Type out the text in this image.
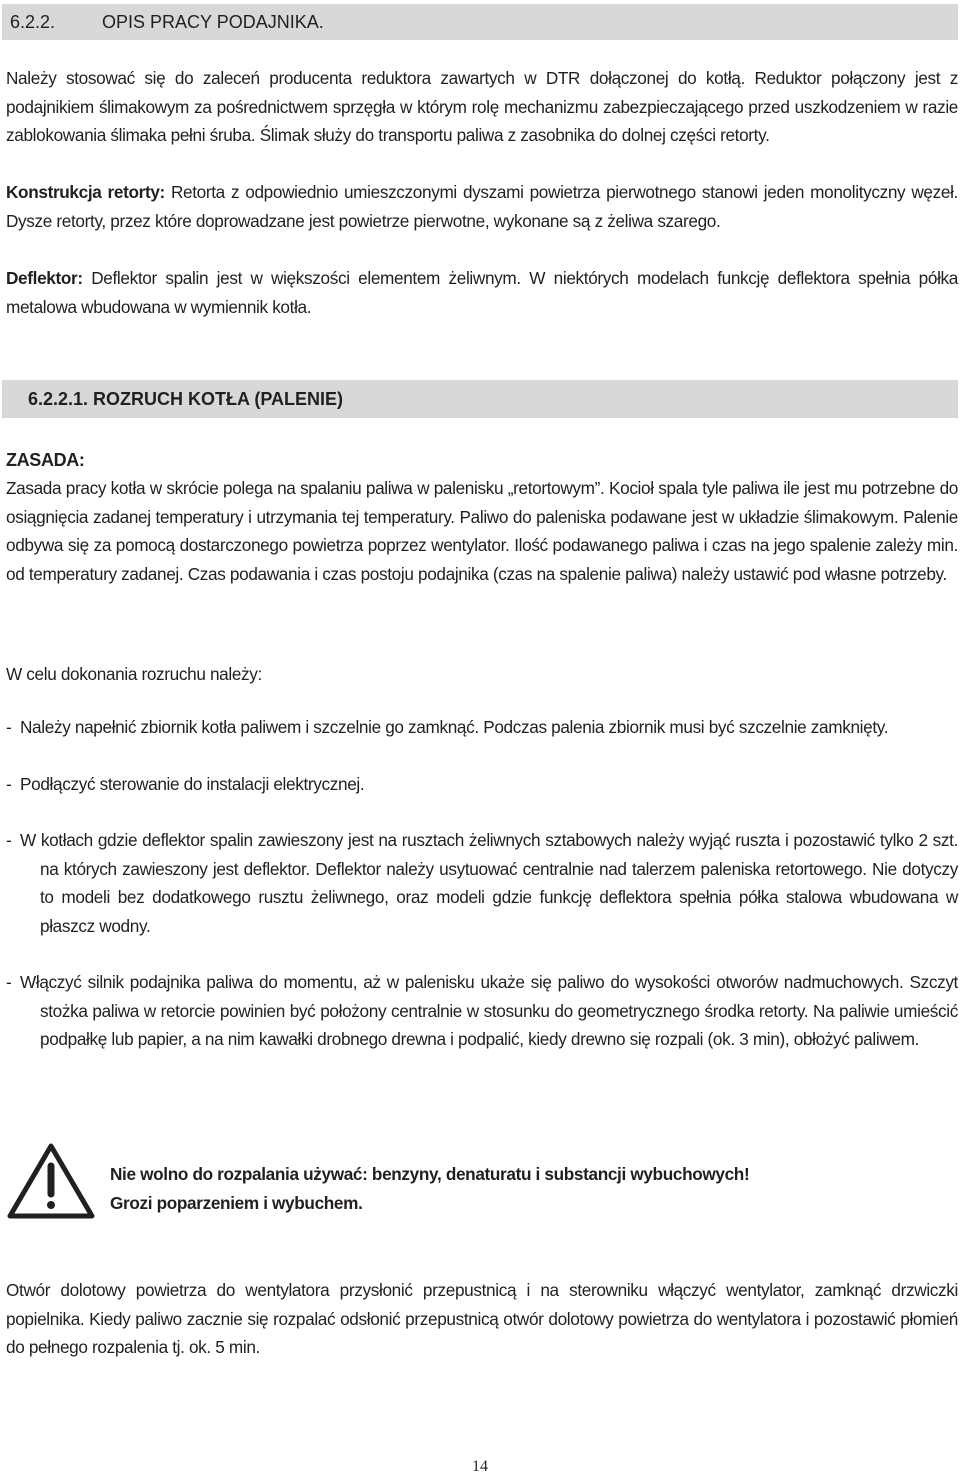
6.2.2.	OPIS PRACY PODAJNIKA.
Należy stosować się do zaleceń producenta reduktora zawartych w DTR dołączonej do kotłą. Reduktor połączony jest z podajnikiem ślimakowym za pośrednictwem sprzęgła w którym rolę mechanizmu zabezpieczającego przed uszkodzeniem w razie zablokowania ślimaka pełni śruba. Ślimak służy do transportu paliwa z zasobnika do dolnej części retorty.
Konstrukcja retorty: Retorta z odpowiednio umieszczonymi dyszami powietrza pierwotnego stanowi jeden monolityczny węzeł. Dysze retorty, przez które doprowadzane jest powietrze pierwotne, wykonane są z żeliwa szarego.
Deflektor: Deflektor spalin jest w większości elementem żeliwnym. W niektórych modelach funkcję deflektora spełnia półka metalowa wbudowana w wymiennik kotła.
6.2.2.1. ROZRUCH KOTŁA (PALENIE)
ZASADA:
Zasada pracy kotła w skrócie polega na spalaniu paliwa w palenisku „retortowym”. Kocioł spala tyle paliwa ile jest mu potrzebne do osiągnięcia zadanej temperatury i utrzymania tej temperatury. Paliwo do paleniska podawane jest w układzie ślimakowym. Palenie odbywa się za pomocą dostarczonego powietrza poprzez wentylator. Ilość podawanego paliwa i czas na jego spalenie zależy min. od temperatury zadanej. Czas podawania i czas postoju podajnika (czas na spalenie paliwa) należy ustawić pod własne potrzeby.
W celu dokonania rozruchu należy:
- Należy napełnić zbiornik kotła paliwem i szczelnie go zamknąć. Podczas palenia zbiornik musi być szczelnie zamknięty.
- Podłączyć sterowanie do instalacji elektrycznej.
- W kotłach gdzie deflektor spalin zawieszony jest na rusztach żeliwnych sztabowych należy wyjąć ruszta i pozostawić tylko 2 szt. na których zawieszony jest deflektor. Deflektor należy usytuować centralnie nad talerzem paleniska retortowego. Nie dotyczy to modeli bez dodatkowego rusztu żeliwnego, oraz modeli gdzie funkcję deflektora spełnia półka stalowa wbudowana w płaszcz wodny.
- Włączyć silnik podajnika paliwa do momentu, aż w palenisku ukaże się paliwo do wysokości otworów nadmuchowych. Szczyt stożka paliwa w retorcie powinien być położony centralnie w stosunku do geometrycznego środka retorty. Na paliwie umieścić podpałkę lub papier, a na nim kawałki drobnego drewna i podpalić, kiedy drewno się rozpali (ok. 3 min), obłożyć paliwem.
Nie wolno do rozpalania używać: benzyny, denaturatu i substancji wybuchowych!
Grozi poparzeniem i wybuchem.
Otwór dolotowy powietrza do wentylatora przysłonić przepustnicą i na sterowniku włączyć wentylator, zamknąć drzwiczki popielnika. Kiedy paliwo zacznie się rozpalać odsłonić przepustnicą otwór dolotowy powietrza do wentylatora i pozostawić płomień do pełnego rozpalenia tj. ok. 5 min.
14
